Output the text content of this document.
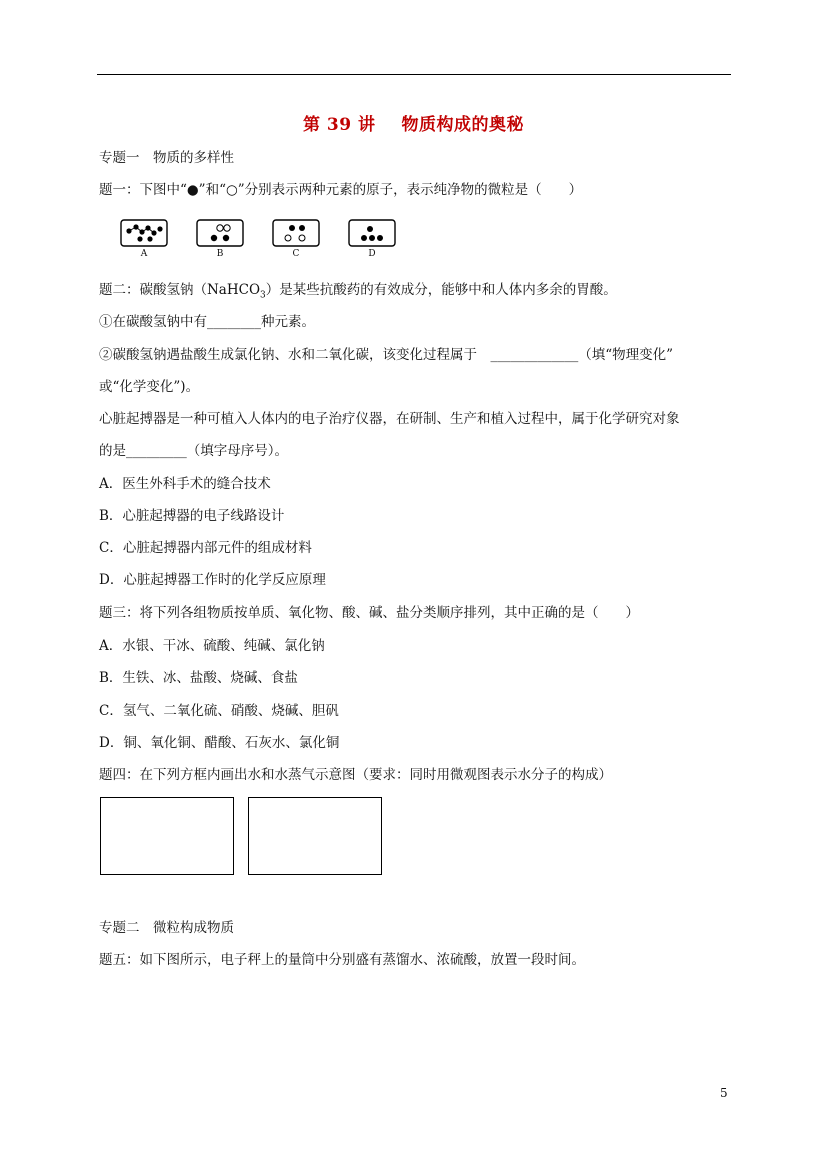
第 39 讲 物质构成的奥秘
专题一　物质的多样性
题一：下图中“●”和“○”分别表示两种元素的原子，表示纯净物的微粒是（　　）
A	B	C	D
题二：碳酸氢钠（NaHCO$_3$）是某些抗酸药的有效成分，能够中和人体内多余的胃酸。
①在碳酸氢钠中有________种元素。
②碳酸氢钠遇盐酸生成氯化钠、水和二氧化碳，该变化过程属于　_____________（填“物理变化”
或“化学变化”)。
心脏起搏器是一种可植入人体内的电子治疗仪器，在研制、生产和植入过程中，属于化学研究对象
的是_________（填字母序号）。
A．医生外科手术的缝合技术
B．心脏起搏器的电子线路设计
C．心脏起搏器内部元件的组成材料
D．心脏起搏器工作时的化学反应原理
题三：将下列各组物质按单质、氧化物、酸、碱、盐分类顺序排列，其中正确的是（　　）
A．水银、干冰、硫酸、纯碱、氯化钠
B．生铁、冰、盐酸、烧碱、食盐
C．氢气、二氧化硫、硝酸、烧碱、胆矾
D．铜、氧化铜、醋酸、石灰水、氯化铜
题四：在下列方框内画出水和水蒸气示意图（要求：同时用微观图表示水分子的构成）
专题二　微粒构成物质
题五：如下图所示，电子秤上的量筒中分别盛有蒸馏水、浓硫酸，放置一段时间。
5
